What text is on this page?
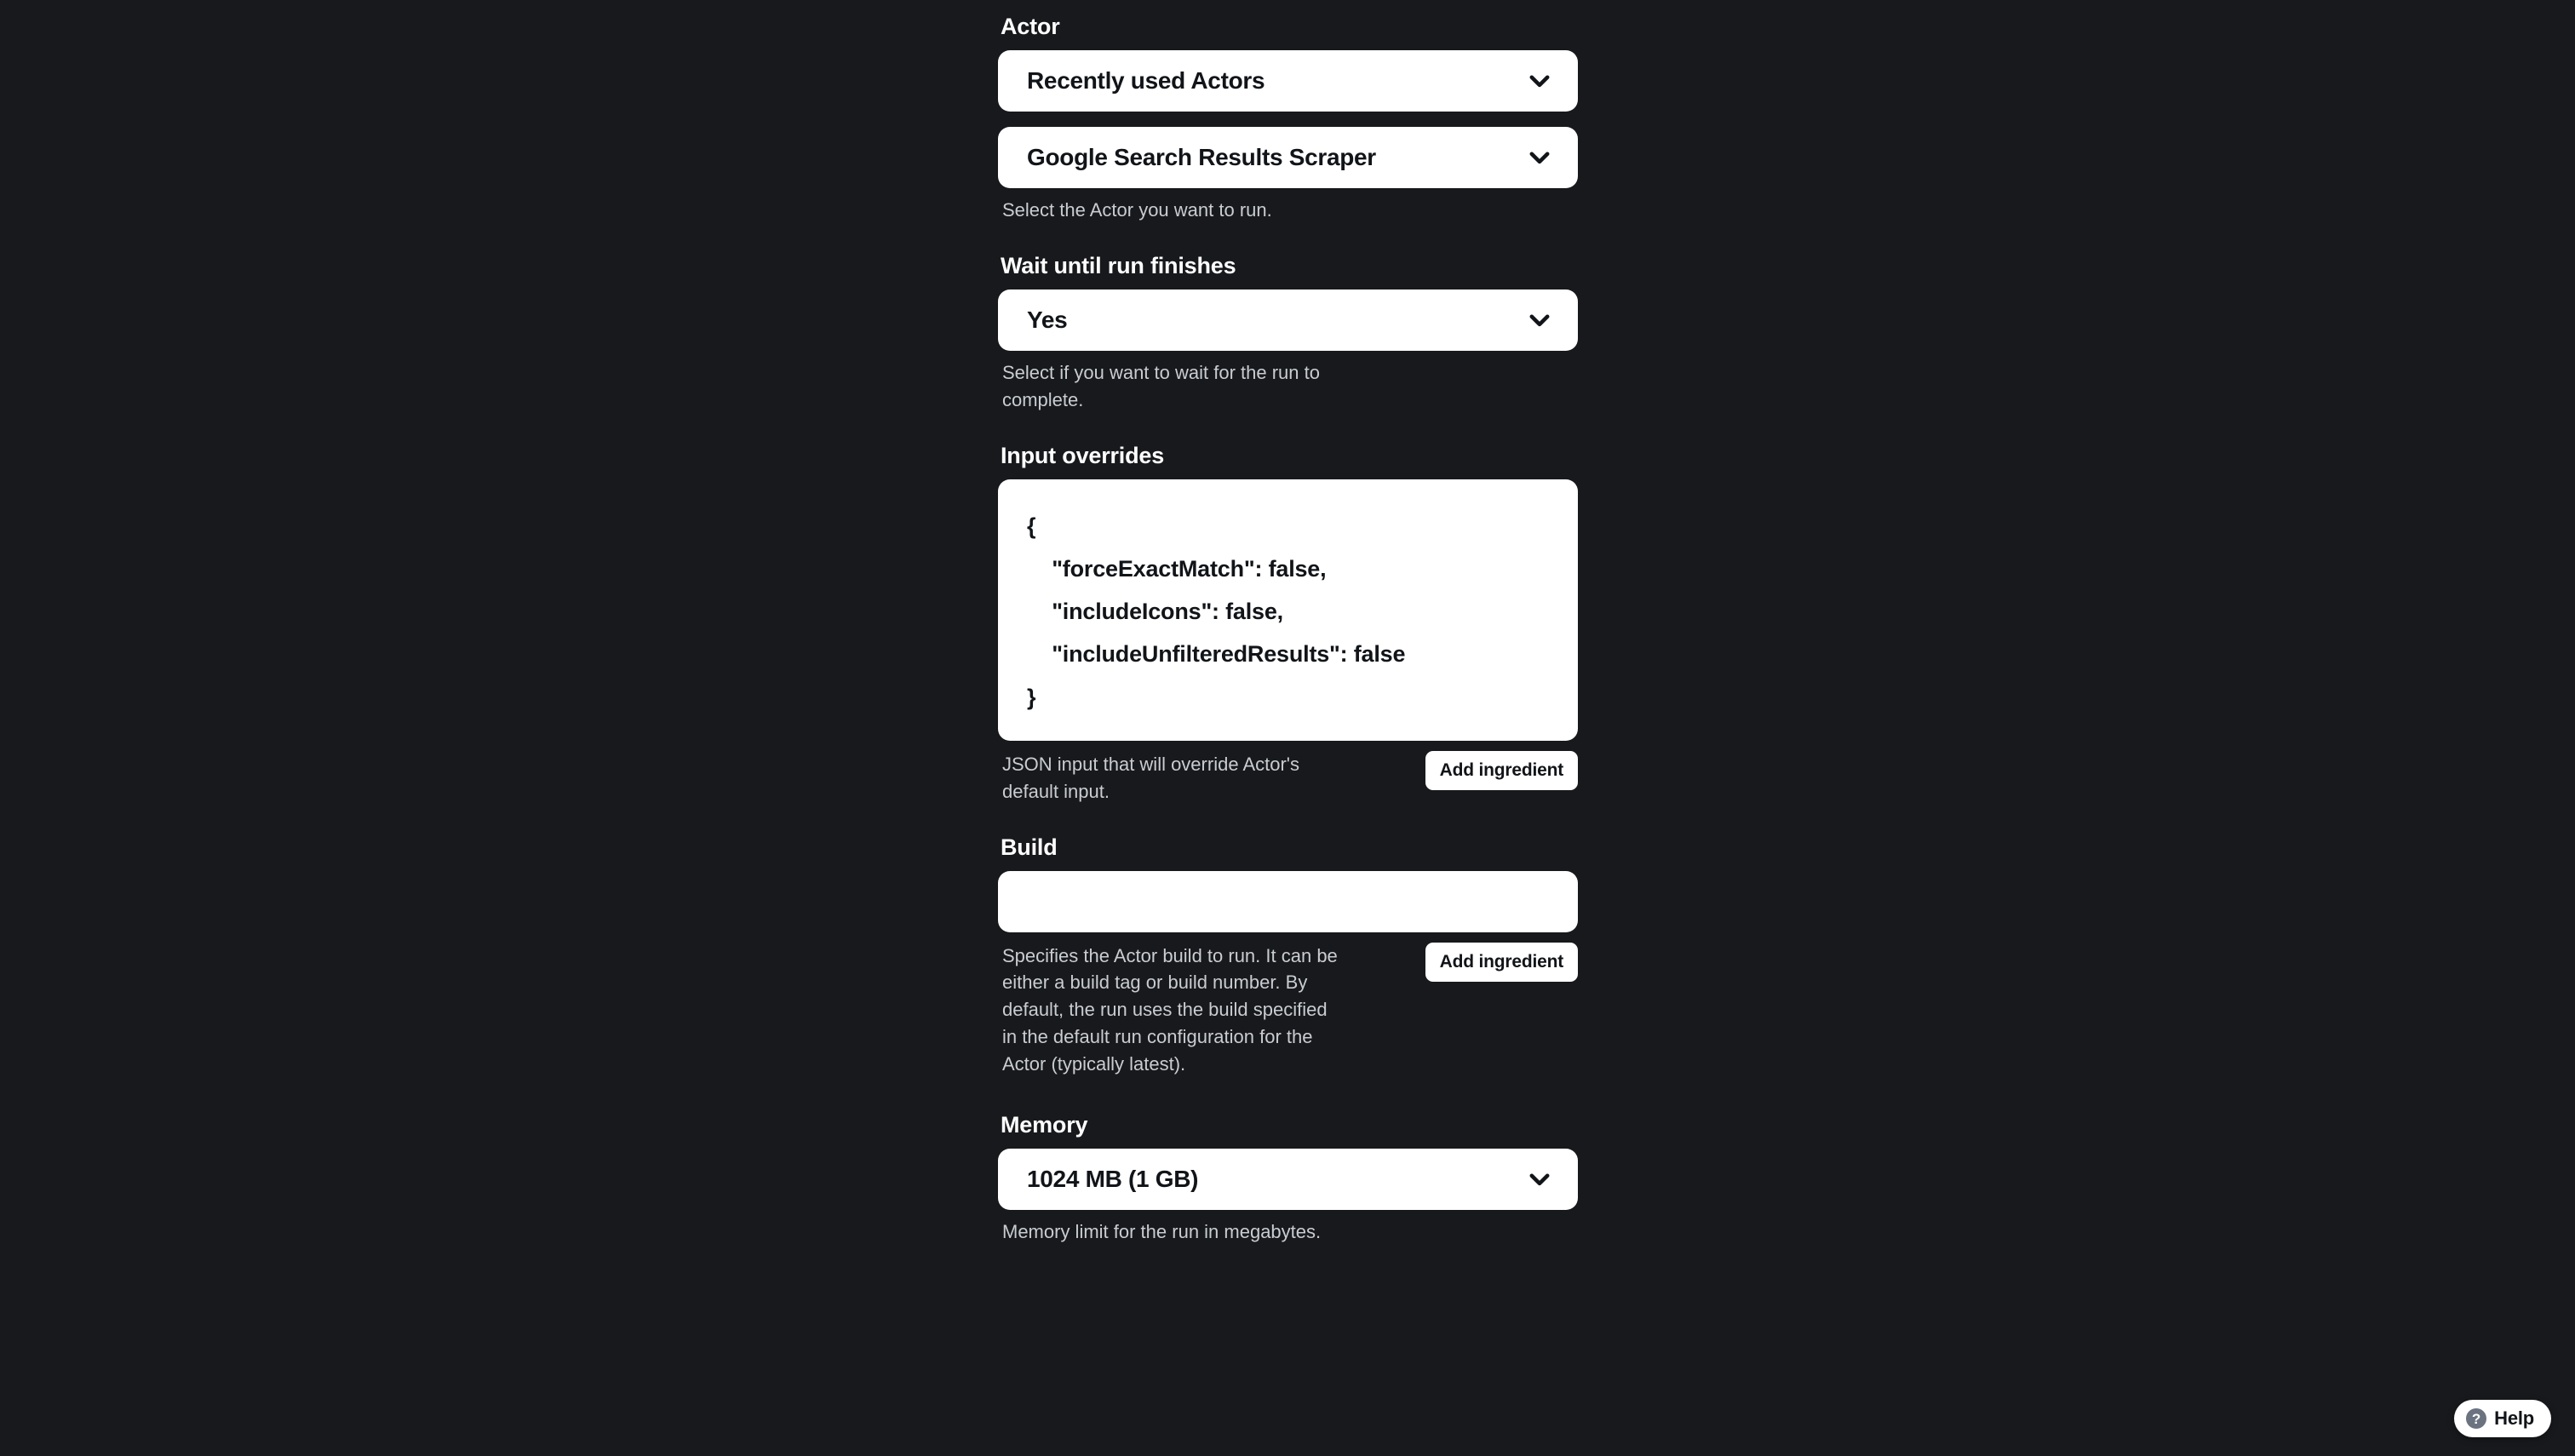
Actor
Recently used Actors
Google Search Results Scraper
Select the Actor you want to run.
Wait until run finishes
Yes
Select if you want to wait for the run to complete.
Input overrides
{
"forceExactMatch": false,
"includeIcons": false,
"includeUnfilteredResults": false
}
JSON input that will override Actor's default input.
Add ingredient
Build
Specifies the Actor build to run. It can be either a build tag or build number. By default, the run uses the build specified in the default run configuration for the Actor (typically latest).
Add ingredient
Memory
1024 MB (1 GB)
Memory limit for the run in megabytes.
? Help
